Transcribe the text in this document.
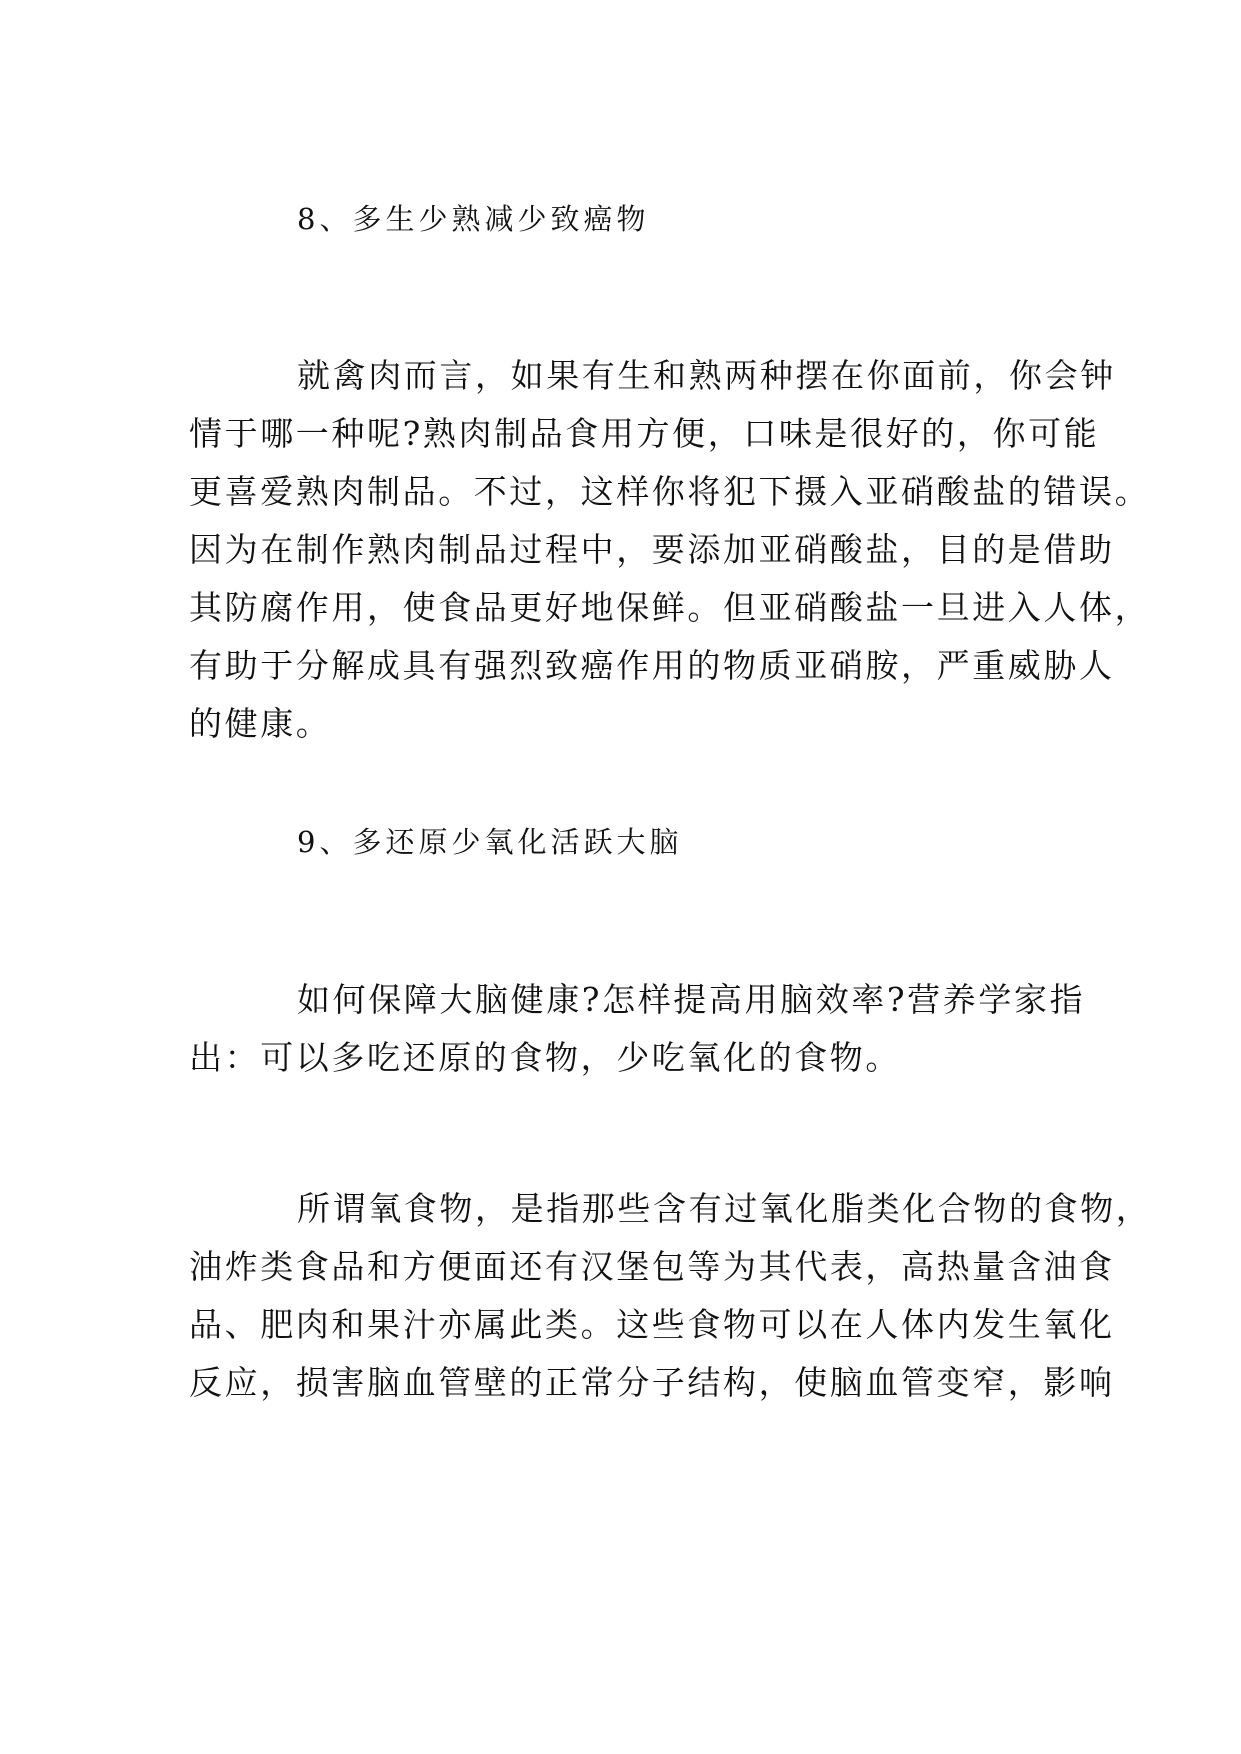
8、多生少熟减少致癌物
就禽肉而言，如果有生和熟两种摆在你面前，你会钟
情于哪一种呢?熟肉制品食用方便，口味是很好的，你可能
更喜爱熟肉制品。不过，这样你将犯下摄入亚硝酸盐的错误。
因为在制作熟肉制品过程中，要添加亚硝酸盐，目的是借助
其防腐作用，使食品更好地保鲜。但亚硝酸盐一旦进入人体，
有助于分解成具有强烈致癌作用的物质亚硝胺，严重威胁人
的健康。
9、多还原少氧化活跃大脑
如何保障大脑健康?怎样提高用脑效率?营养学家指
出：可以多吃还原的食物，少吃氧化的食物。
所谓氧食物，是指那些含有过氧化脂类化合物的食物，
油炸类食品和方便面还有汉堡包等为其代表，高热量含油食
品、肥肉和果汁亦属此类。这些食物可以在人体内发生氧化
反应，损害脑血管壁的正常分子结构，使脑血管变窄，影响
